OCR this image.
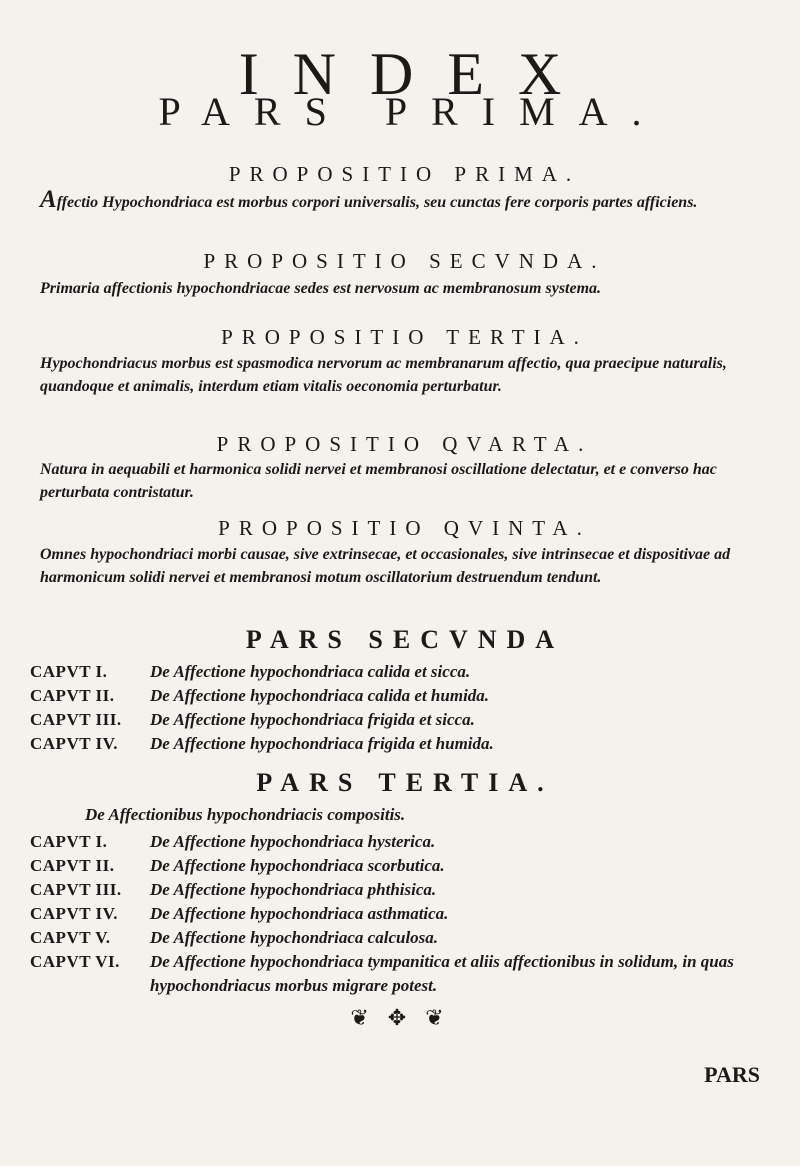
INDEX
PARS PRIMA.
PROPOSITIO PRIMA.
Affectio Hypochondriaca est morbus corpori universalis, seu cunctas fere corporis partes afficiens.
PROPOSITIO SECVNDA.
Primaria affectionis hypochondriacae sedes est nervosum ac membranosum systema.
PROPOSITIO TERTIA.
Hypochondriacus morbus est spasmodica nervorum ac membranarum affectio, qua praecipue naturalis, quandoque et animalis, interdum etiam vitalis oeconomia perturbatur.
PROPOSITIO QVARTA.
Natura in aequabili et harmonica solidi nervei et membranosi oscillatione delectatur, et e converso hac perturbata contristatur.
PROPOSITIO QVINTA.
Omnes hypochondriaci morbi causae, sive extrinsecae, et occasionales, sive intrinsecae et dispositivae ad harmonicum solidi nervei et membranosi motum oscillatorium destruendum tendunt.
PARS SECVNDA
CAPVT I.	De Affectione hypochondriaca calida et sicca.
CAPVT II.	De Affectione hypochondriaca calida et humida.
CAPVT III.	De Affectione hypochondriaca frigida et sicca.
CAPVT IV.	De Affectione hypochondriaca frigida et humida.
PARS TERTIA.
De Affectionibus hypochondriacis compositis.
CAPVT I.	De Affectione hypochondriaca hysterica.
CAPVT II.	De Affectione hypochondriaca scorbutica.
CAPVT III.	De Affectione hypochondriaca phthisica.
CAPVT IV.	De Affectione hypochondriaca asthmatica.
CAPVT V.	De Affectione hypochondriaca calculosa.
CAPVT VI.	De Affectione hypochondriaca tympanitica et aliis affectionibus in solidum, in quas hypochondriacus morbus migrare potest.
❦ ✥ ❦
PARS
